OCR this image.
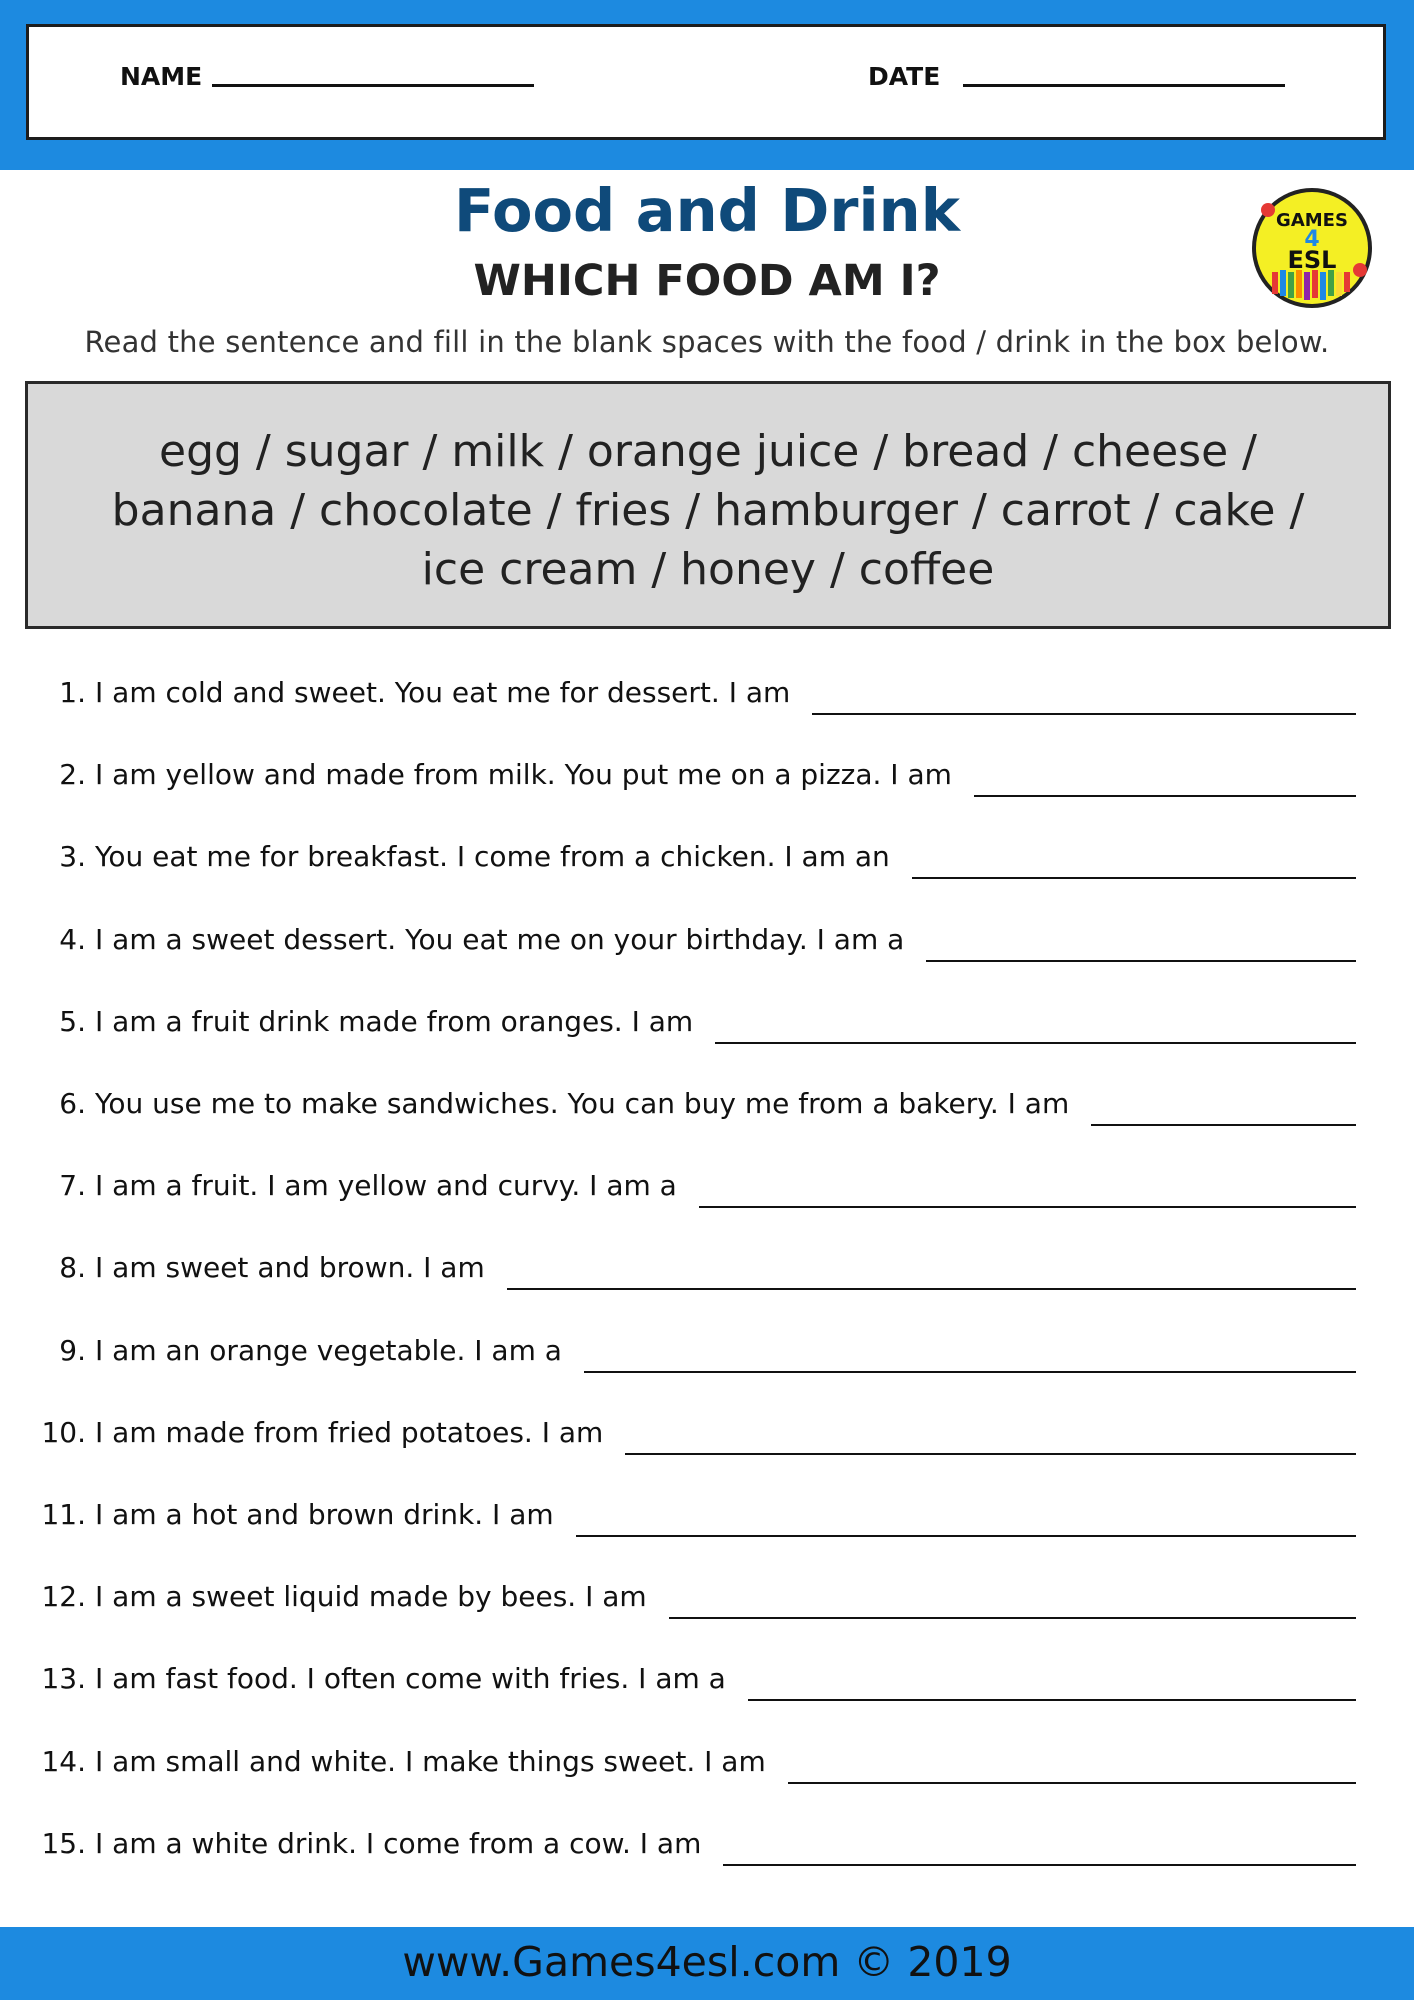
NAME	DATE
Food and Drink
WHICH FOOD AM I?
GAMES
4
ESL
Read the sentence and fill in the blank spaces with the food / drink in the box below.
egg / sugar / milk / orange juice / bread / cheese /
banana / chocolate / fries / hamburger / carrot / cake /
ice cream / honey / coffee
1. I am cold and sweet. You eat me for dessert. I am
2. I am yellow and made from milk. You put me on a pizza. I am
3. You eat me for breakfast. I come from a chicken. I am an
4. I am a sweet dessert. You eat me on your birthday. I am a
5. I am a fruit drink made from oranges. I am
6. You use me to make sandwiches. You can buy me from a bakery. I am
7. I am a fruit. I am yellow and curvy. I am a
8. I am sweet and brown. I am
9. I am an orange vegetable. I am a
10. I am made from fried potatoes. I am
11. I am a hot and brown drink. I am
12. I am a sweet liquid made by bees. I am
13. I am fast food. I often come with fries. I am a
14. I am small and white. I make things sweet. I am
15. I am a white drink. I come from a cow. I am
www.Games4esl.com © 2019
